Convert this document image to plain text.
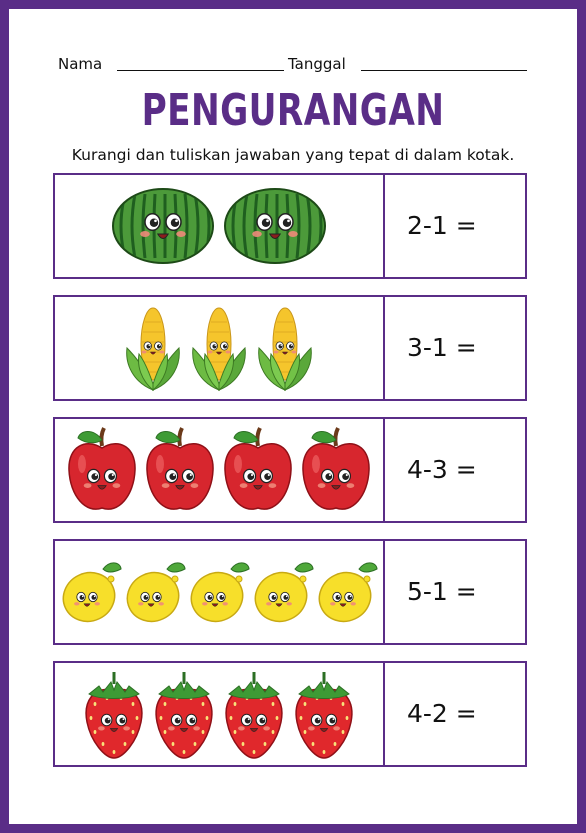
Nama	Tanggal
PENGURANGAN
Kurangi dan tuliskan jawaban yang tepat di dalam kotak.
2-1 =
3-1 =
4-3 =
5-1 =
4-2 =
